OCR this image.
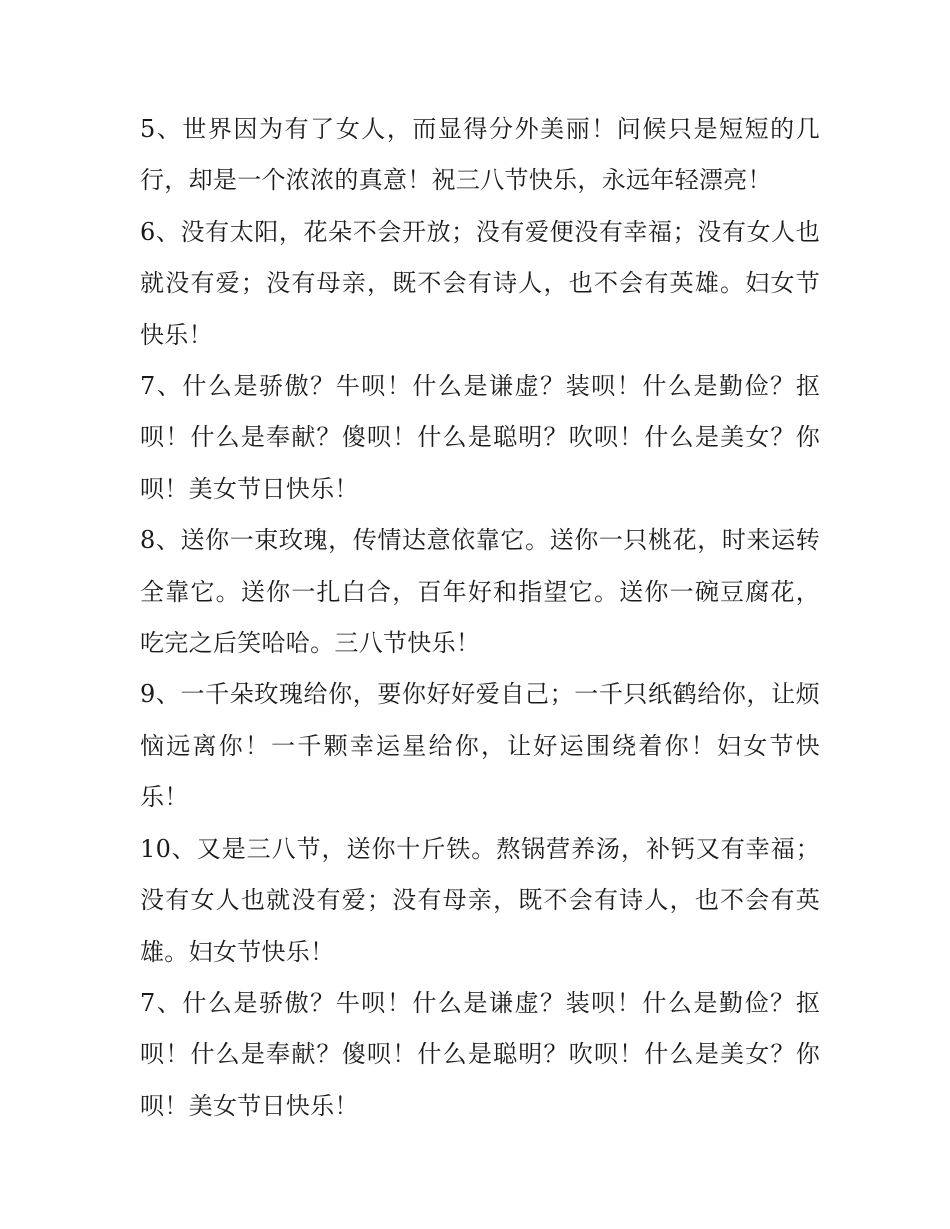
5、世界因为有了女人，而显得分外美丽！问候只是短短的几行，却是一个浓浓的真意！祝三八节快乐，永远年轻漂亮！

6、没有太阳，花朵不会开放；没有爱便没有幸福；没有女人也就没有爱；没有母亲，既不会有诗人，也不会有英雄。妇女节快乐！

7、什么是骄傲？牛呗！什么是谦虚？装呗！什么是勤俭？抠呗！什么是奉献？傻呗！什么是聪明？吹呗！什么是美女？你呗！美女节日快乐！

8、送你一束玫瑰，传情达意依靠它。送你一只桃花，时来运转全靠它。送你一扎白合，百年好和指望它。送你一碗豆腐花，吃完之后笑哈哈。三八节快乐！

9、一千朵玫瑰给你，要你好好爱自己；一千只纸鹤给你，让烦恼远离你！一千颗幸运星给你，让好运围绕着你！妇女节快乐！

10、又是三八节，送你十斤铁。熬锅营养汤，补钙又有幸福；没有女人也就没有爱；没有母亲，既不会有诗人，也不会有英雄。妇女节快乐！

7、什么是骄傲？牛呗！什么是谦虚？装呗！什么是勤俭？抠呗！什么是奉献？傻呗！什么是聪明？吹呗！什么是美女？你呗！美女节日快乐！
